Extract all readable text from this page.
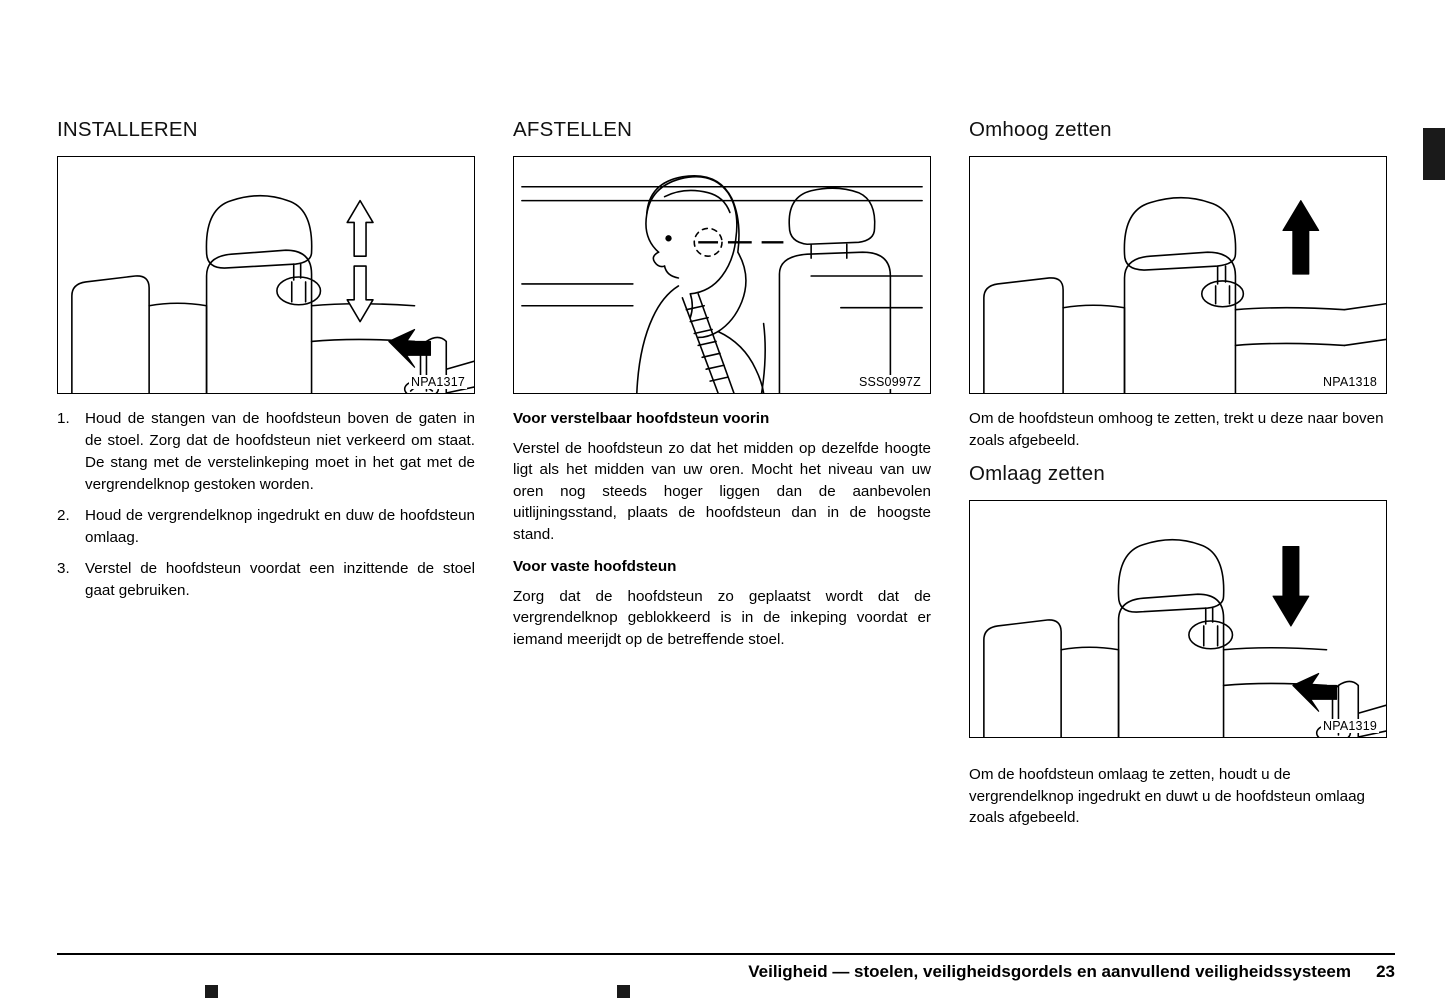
INSTALLEREN
NPA1317
1.	Houd de stangen van de hoofdsteun boven de gaten in de stoel. Zorg dat de hoofdsteun niet verkeerd om staat. De stang met de verstelinkeping moet in het gat met de vergrendelknop gestoken worden.
2.	Houd de vergrendelknop ingedrukt en duw de hoofdsteun omlaag.
3.	Verstel de hoofdsteun voordat een inzittende de stoel gaat gebruiken.
AFSTELLEN
SSS0997Z

Voor verstelbaar hoofdsteun voorin

Verstel de hoofdsteun zo dat het midden op dezelfde hoogte ligt als het midden van uw oren. Mocht het niveau van uw oren nog steeds hoger liggen dan de aanbevolen uitlijningsstand, plaats de hoofdsteun dan in de hoogste stand.

Voor vaste hoofdsteun

Zorg dat de hoofdsteun zo geplaatst wordt dat de vergrendelknop geblokkeerd is in de inkeping voordat er iemand meerijdt op de betreffende stoel.

Omhoog zetten
NPA1318

Om de hoofdsteun omhoog te zetten, trekt u deze naar boven zoals afgebeeld.

Omlaag zetten
NPA1319

Om de hoofdsteun omlaag te zetten, houdt u de vergrendelknop ingedrukt en duwt u de hoofdsteun omlaag zoals afgebeeld.

Veiligheid — stoelen, veiligheidsgordels en aanvullend veiligheidssysteem	23
